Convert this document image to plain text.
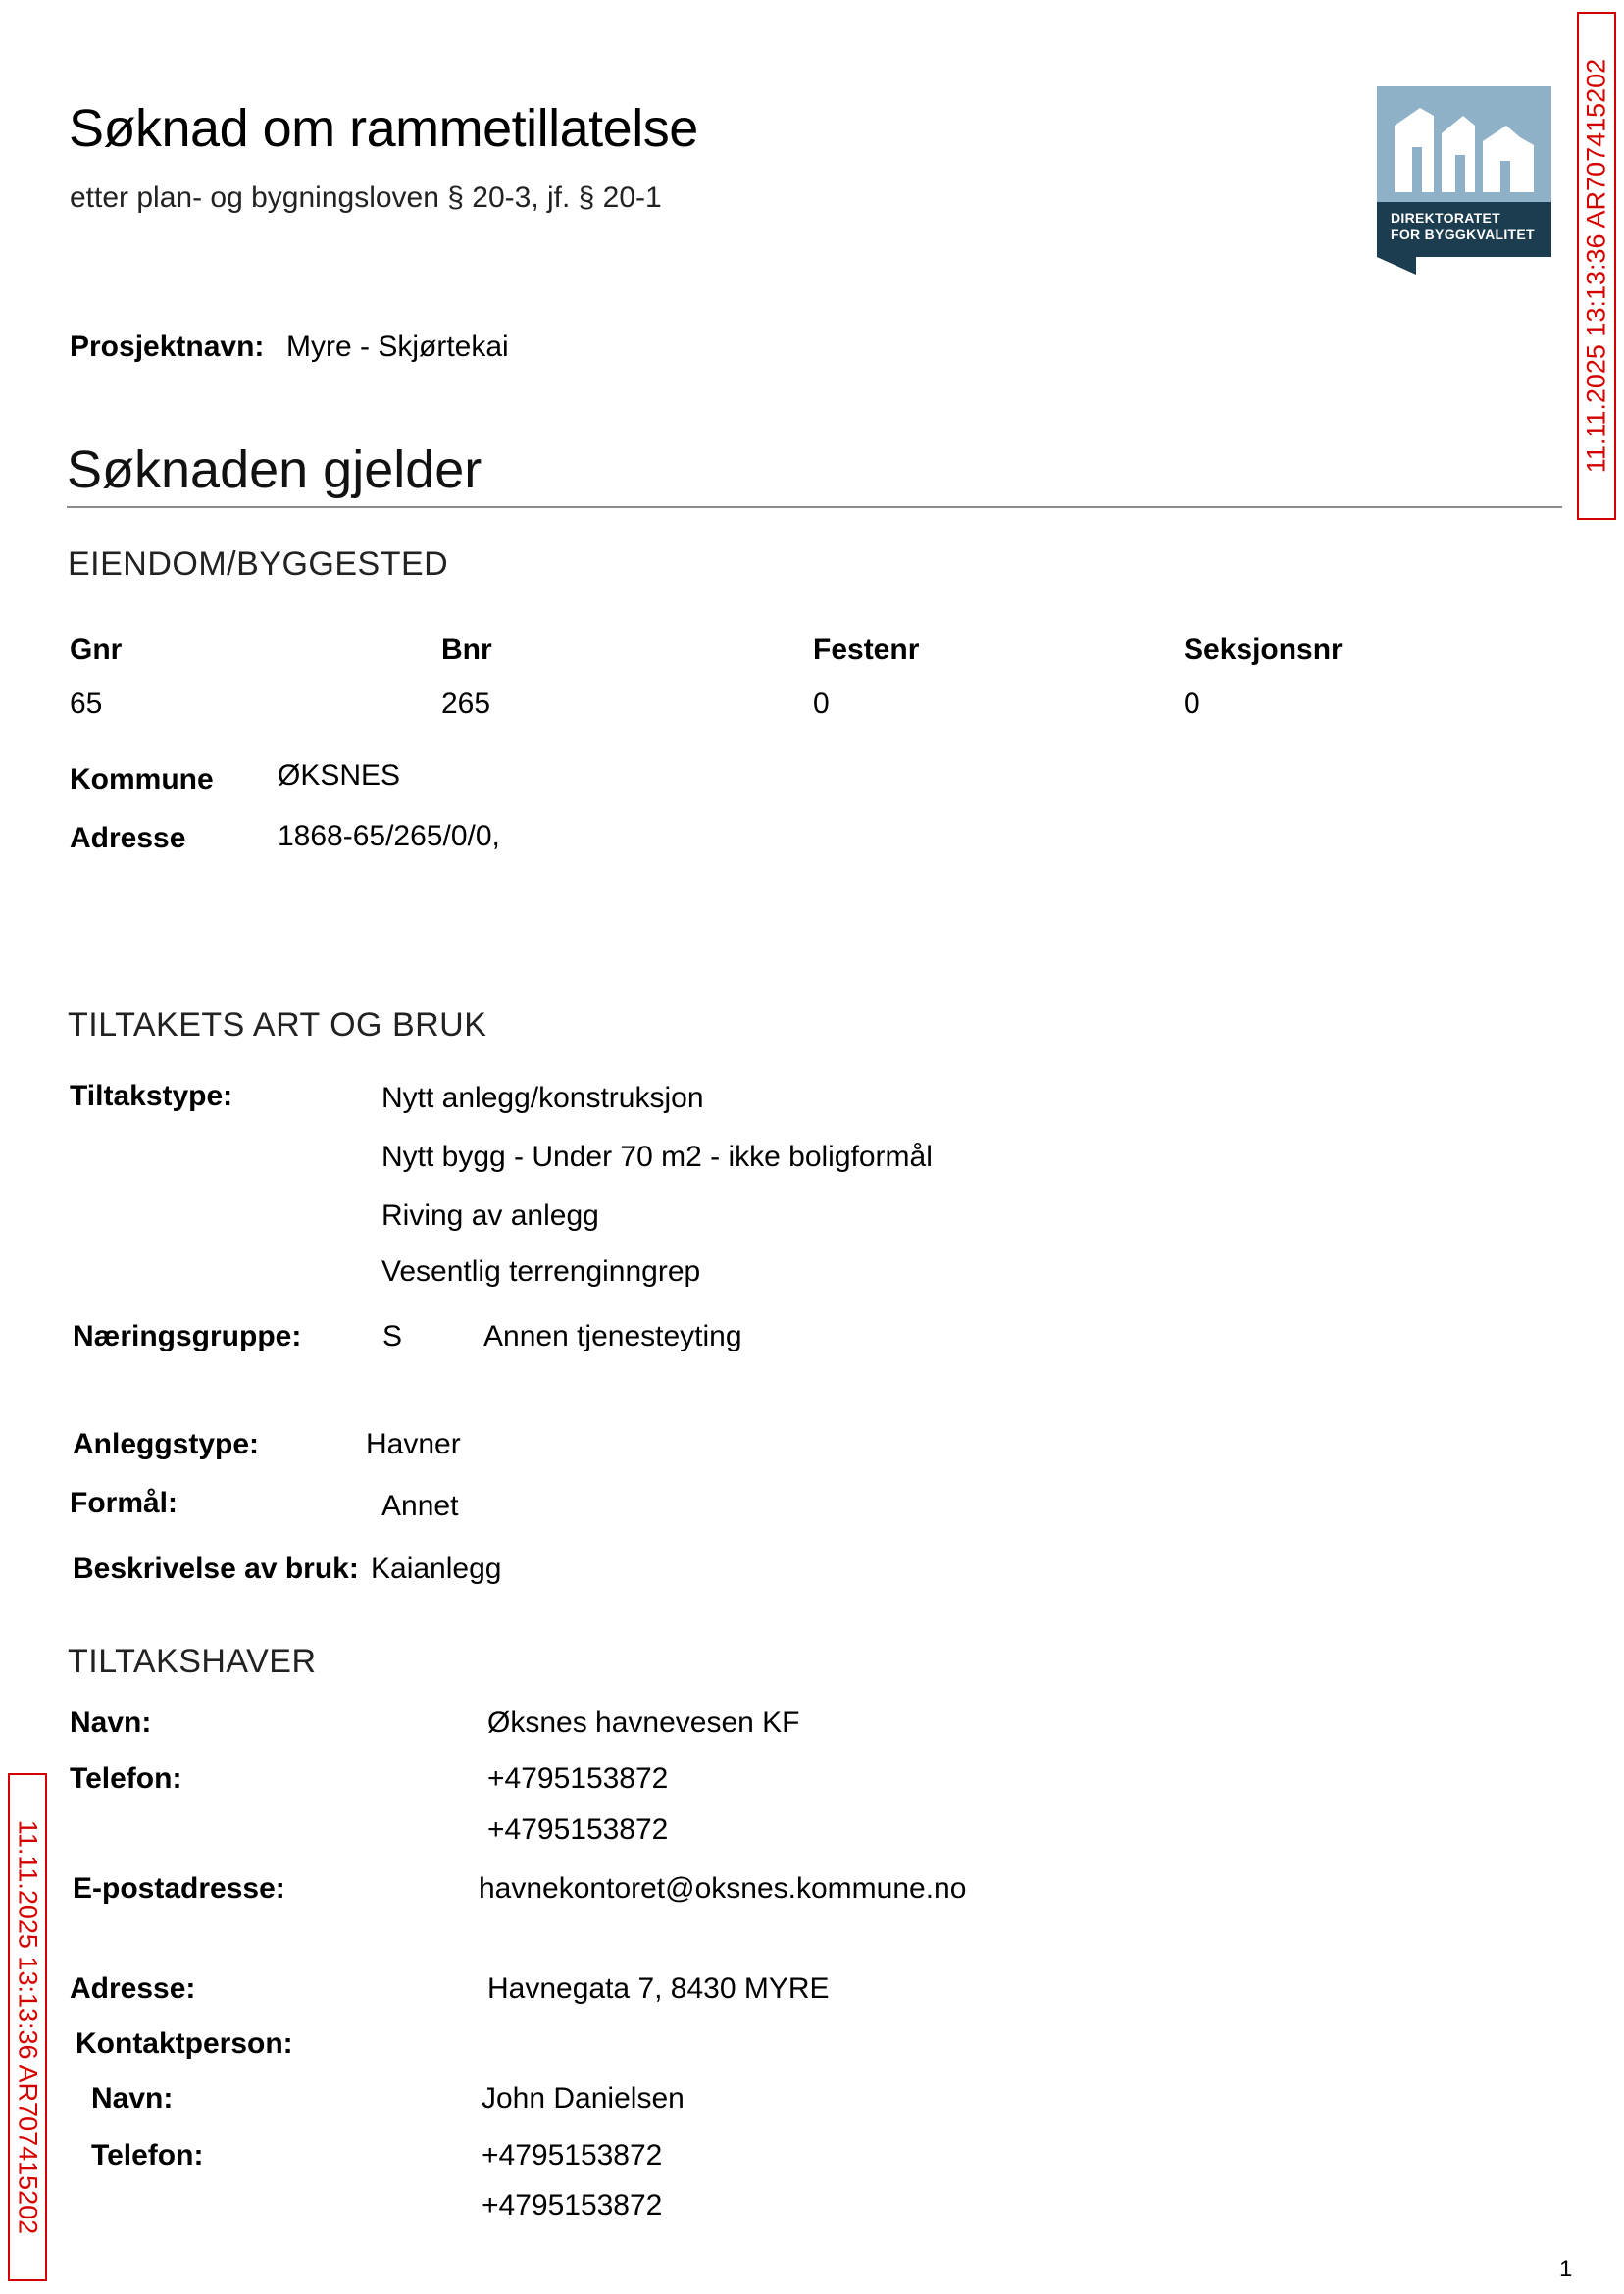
Søknad om rammetillatelse
etter plan- og bygningsloven § 20-3, jf. § 20-1
DIREKTORATET
FOR BYGGKVALITET 11.11.2025 13:13:36 AR707415202
11.11.2025 13:13:36 AR707415202
Prosjektnavn: Myre - Skjørtekai
Søknaden gjelder
EIENDOM/BYGGESTED
Gnr	Bnr	Festenr	Seksjonsnr
65	265	0	0
Kommune ØKSNES
Adresse	1868-65/265/0/0,
TILTAKETS ART OG BRUK
Tiltakstype:	Nytt anlegg/konstruksjon
Nytt bygg - Under 70 m2 - ikke boligformål
Riving av anlegg
Vesentlig terrenginngrep
Næringsgruppe:	S	Annen tjenesteyting
Anleggstype:	Havner
Formål:	Annet
Beskrivelse av bruk: Kaianlegg
TILTAKSHAVER
Navn:	Øksnes havnevesen KF
Telefon:	+4795153872
+4795153872
E-postadresse:	havnekontoret@oksnes.kommune.no
Adresse:	Havnegata 7, 8430 MYRE
Kontaktperson:
Navn:	John Danielsen
Telefon:	+4795153872
+4795153872
1
